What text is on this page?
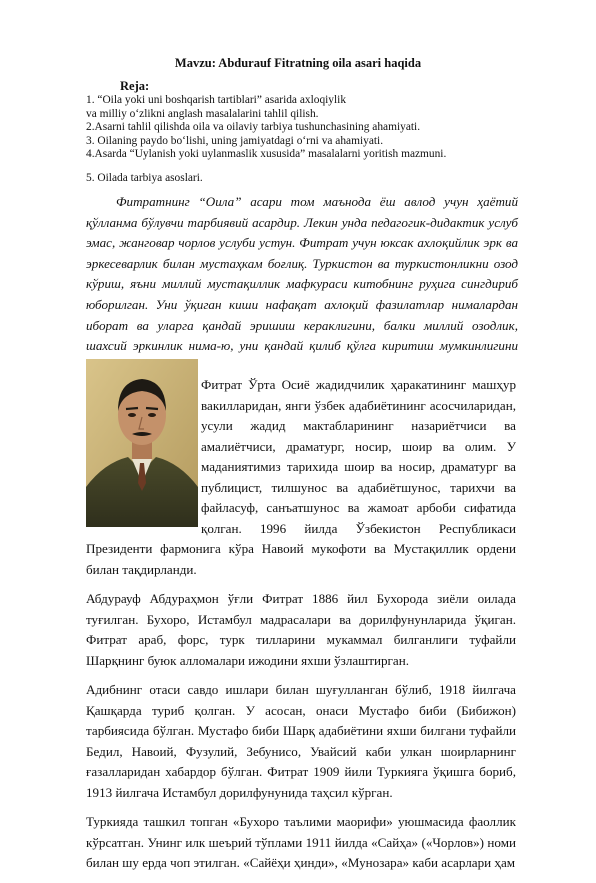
Mavzu: Abdurauf Fitratning oila asari haqida
Reja:
1. “Oila yoki uni boshqarish tartiblari” asarida axloqiylik
va milliy o‘zlikni anglash masalalarini tahlil qilish.
2.Asarni tahlil qilishda oila va oilaviy tarbiya tushunchasining ahamiyati.
3. Oilaning paydo bo‘lishi, uning jamiyatdagi o‘rni va ahamiyati.
4.Asarda “Uylanish yoki uylanmaslik xususida” masalalarni yoritish mazmuni.
5. Oilada tarbiya asoslari.
Фитратнинг “Оила” асари том маънода ёш авлод учун ҳаётий қўлланма бўлувчи тарбиявий асардир. Лекин унда педагогик-дидактик услуб эмас, жанговар чорлов услуби устун. Фитрат учун юксак ахлоқийлик эрк ва эркесеварлик билан мустаҳкам боғлиқ. Туркистон ва туркистонликни озод кўриш, яъни миллий мустақиллик мафкураси китобнинг руҳига сингдириб юборилган. Уни ўқиган киши нафақат ахлоқий фазилатлар нималардан иборат ва уларга қандай эришиш кераклигини, балки миллий озодлик, шахсий эркинлик нима-ю, уни қандай қилиб қўлга киритиш мумкинлигини

Фитрат Ўрта Осиё жадидчилик ҳаракатининг машҳур вакилларидан, янги ўзбек адабиётининг асосчиларидан, усули жадид мактабларининг назариётчиси ва амалиётчиси, драматург, носир, шоир ва олим. У маданиятимиз тарихида шоир ва носир, драматург ва публицист, тилшунос ва адабиётшунос, тарихчи ва файласуф, санъатшунос ва жамоат арбоби сифатида қолган. 1996 йилда Ўзбекистон Республикаси Президенти фармонига кўра Навоий мукофоти ва Мустақиллик ордени билан тақдирланди.

Абдурауф Абдураҳмон ўғли Фитрат 1886 йил Бухорода зиёли оилада туғилган. Бухоро, Истамбул мадрасалари ва дорилфунунларида ўқиган. Фитрат араб, форс, турк тилларини мукаммал билганлиги туфайли Шарқнинг буюк алломалари ижодини яхши ўзлаштирган.

Адибнинг отаси савдо ишлари билан шуғулланган бўлиб, 1918 йилгача Қашқарда туриб қолган. У асосан, онаси Мустафо биби (Бибижон) тарбиясида бўлган. Мустафо биби Шарқ адабиётини яхши билгани туфайли Бедил, Навоий, Фузулий, Зебунисо, Увайсий каби улкан шоирларнинг ғазалларидан хабардор бўлган. Фитрат 1909 йили Туркияга ўқишга бориб, 1913 йилгача Истамбул дорилфунунида таҳсил кўрган.

Туркияда ташкил топган «Бухоро таълими маорифи» уюшмасида фаоллик кўрсатган. Унинг илк шеърий тўплами 1911 йилда «Сайҳа» («Чорлов») номи билан шу ерда чоп этилган. «Сайёҳи ҳинди», «Мунозара» каби асарлари ҳам
